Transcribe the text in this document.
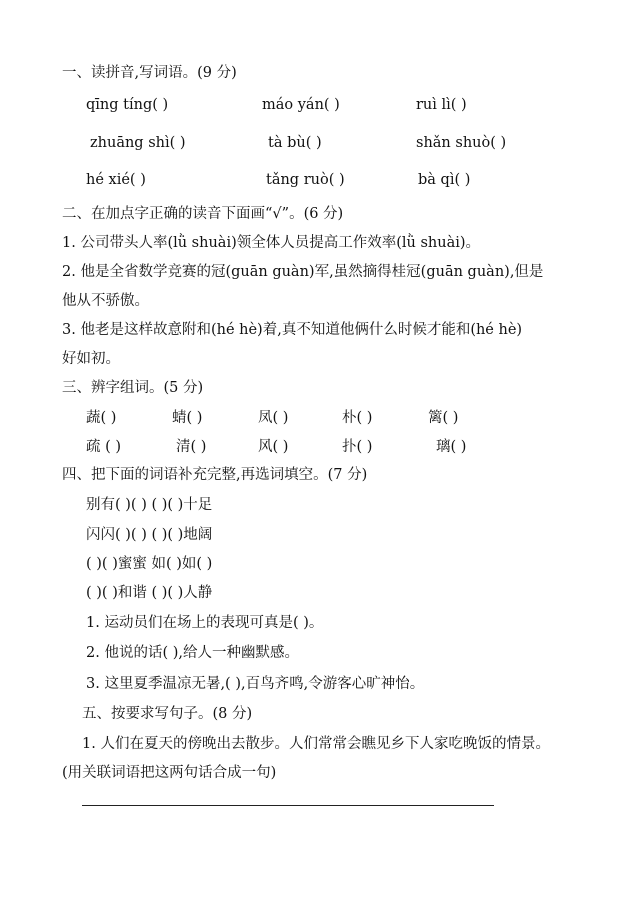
一、读拼音,写词语。(9 分)
qīng tíng( )	máo yán( )	ruì lì( )
zhuāng shì( )	tà bù( )	shǎn shuò( )
hé xié( )	tǎng ruò( )	bà qì( )
二、在加点字正确的读音下面画“√”。(6 分)
1. 公司带头人率(lǜ shuài)领全体人员提高工作效率(lǜ shuài)。
2. 他是全省数学竞赛的冠(guān guàn)军,虽然摘得桂冠(guān guàn),但是
他从不骄傲。
3. 他老是这样故意附和(hé hè)着,真不知道他俩什么时候才能和(hé hè)
好如初。
三、辨字组词。(5 分)
蔬( )	蜻( )	凤( )	朴( )	篱( )
疏 ( )	清( )	风( )	扑( )	璃( )
四、把下面的词语补充完整,再选词填空。(7 分)
别有( )( ) ( )( )十足
闪闪( )( ) ( )( )地阔
( )( )蜜蜜 如( )如( )
( )( )和谐 ( )( )人静
1. 运动员们在场上的表现可真是( )。
2. 他说的话( ),给人一种幽默感。
3. 这里夏季温凉无暑,( ),百鸟齐鸣,令游客心旷神怡。
五、按要求写句子。(8 分)
1. 人们在夏天的傍晚出去散步。人们常常会瞧见乡下人家吃晚饭的情景。
(用关联词语把这两句话合成一句)
